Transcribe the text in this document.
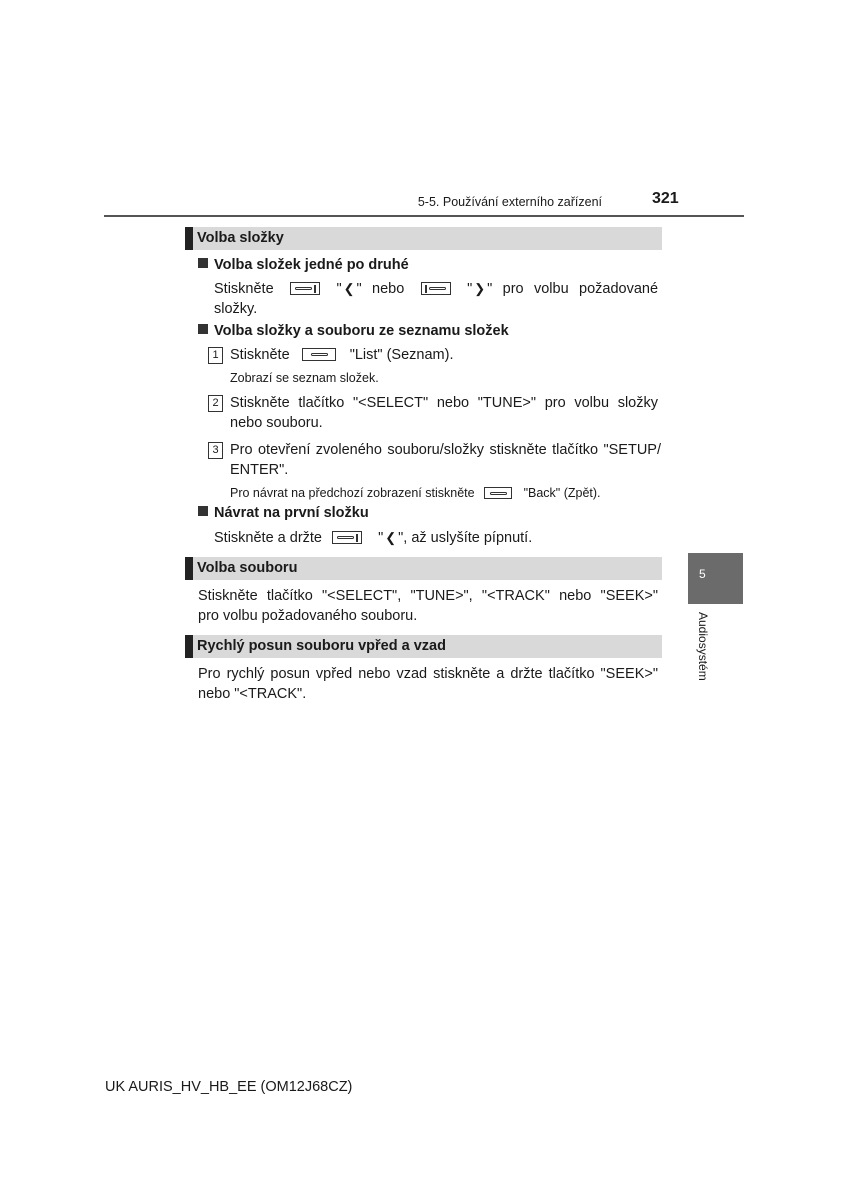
5-5. Používání externího zařízení	321
Volba složky
Volba složek jedné po druhé
Stiskněte	" ❮ " nebo	" ❯ " pro volbu požadované
složky.
Volba složky a souboru ze seznamu složek
1 Stiskněte	"List" (Seznam).
Zobrazí se seznam složek.
2 Stiskněte tlačítko "<SELECT" nebo "TUNE>" pro volbu složky
nebo souboru.
3 Pro otevření zvoleného souboru/složky stiskněte tlačítko "SETUP/
ENTER".
Pro návrat na předchozí zobrazení stiskněte	"Back" (Zpět).
Návrat na první složku
Stiskněte a držte	" ❮ ", až uslyšíte pípnutí.
Volba souboru
Stiskněte tlačítko "<SELECT", "TUNE>", "<TRACK" nebo "SEEK>"
pro volbu požadovaného souboru.
Rychlý posun souboru vpřed a vzad
Pro rychlý posun vpřed nebo vzad stiskněte a držte tlačítko "SEEK>"
nebo "<TRACK".
5
Audiosystém
UK AURIS_HV_HB_EE (OM12J68CZ)
